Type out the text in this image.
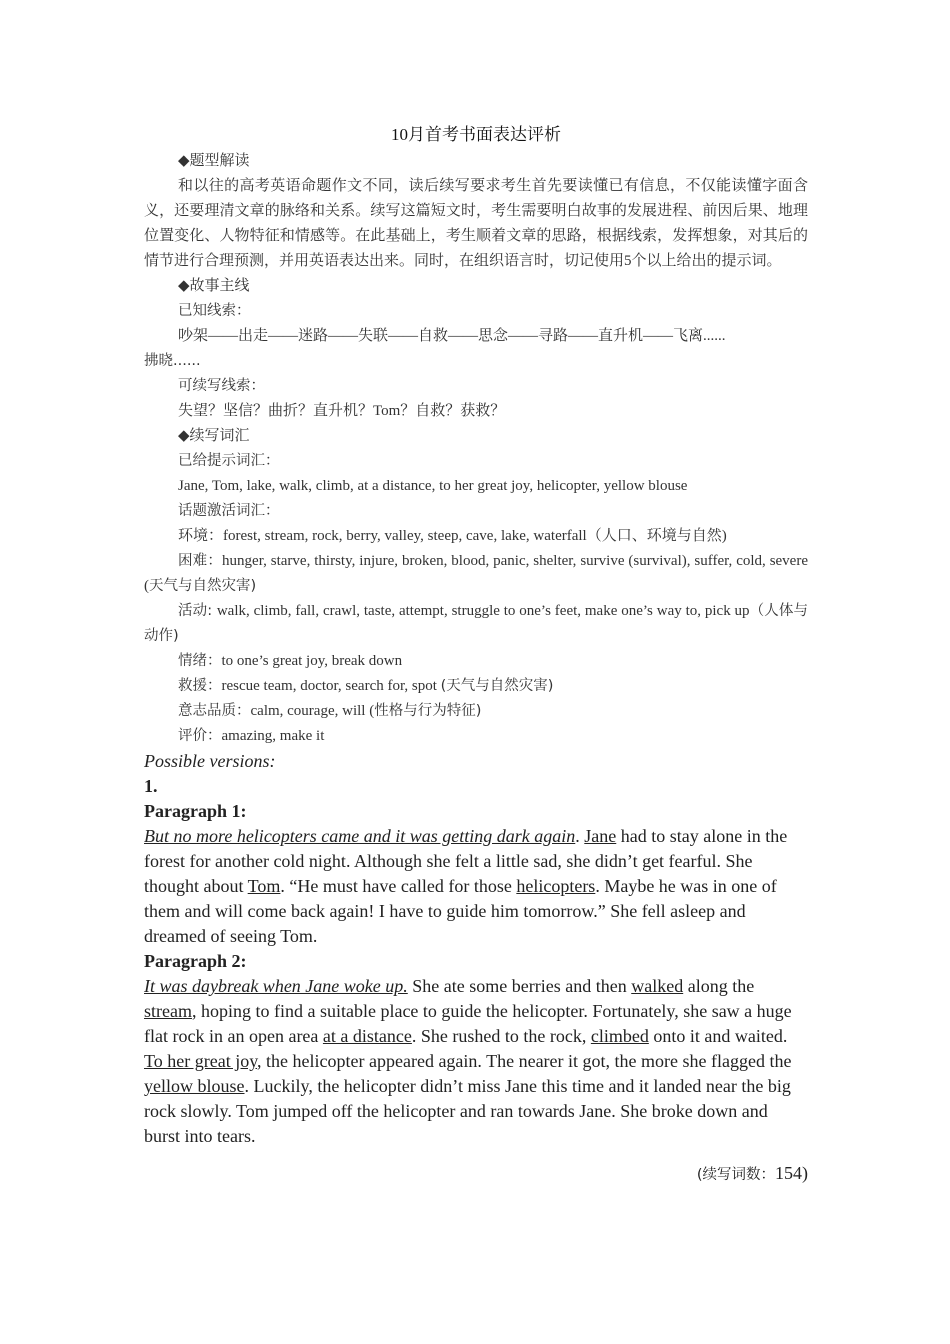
10月首考书面表达评析
◆题型解读
和以往的高考英语命题作文不同，读后续写要求考生首先要读懂已有信息，不仅能读懂字面含义，还要理清文章的脉络和关系。续写这篇短文时，考生需要明白故事的发展进程、前因后果、地理位置变化、人物特征和情感等。在此基础上，考生顺着文章的思路，根据线索，发挥想象，对其后的情节进行合理预测，并用英语表达出来。同时，在组织语言时，切记使用5个以上给出的提示词。
◆故事主线
已知线索：
吵架——出走——迷路——失联——自救——思念——寻路——直升机——飞离......
拂晓......
可续写线索：
失望？坚信？曲折？直升机？Tom？自救？获救？
◆续写词汇
已给提示词汇：
Jane, Tom, lake, walk, climb, at a distance, to her great joy, helicopter, yellow blouse
话题激活词汇：
环境：forest, stream, rock, berry, valley, steep, cave, lake, waterfall（人口、环境与自然)
困难：hunger, starve, thirsty, injure, broken, blood, panic, shelter, survive (survival), suffer, cold, severe (天气与自然灾害)
活动: walk, climb, fall, crawl, taste, attempt, struggle to one’s feet, make one’s way to, pick up（人体与动作)
情绪：to one’s great joy, break down
救援：rescue team, doctor, search for, spot (天气与自然灾害)
意志品质：calm, courage, will (性格与行为特征)
评价：amazing, make it
Possible versions:
1.
Paragraph 1:
But no more helicopters came and it was getting dark again. Jane had to stay alone in the forest for another cold night. Although she felt a little sad, she didn’t get fearful. She thought about Tom. “He must have called for those helicopters. Maybe he was in one of them and will come back again! I have to guide him tomorrow.” She fell asleep and dreamed of seeing Tom.
Paragraph 2:
It was daybreak when Jane woke up. She ate some berries and then walked along the stream, hoping to find a suitable place to guide the helicopter. Fortunately, she saw a huge flat rock in an open area at a distance. She rushed to the rock, climbed onto it and waited. To her great joy, the helicopter appeared again. The nearer it got, the more she flagged the yellow blouse. Luckily, the helicopter didn’t miss Jane this time and it landed near the big rock slowly. Tom jumped off the helicopter and ran towards Jane. She broke down and burst into tears.
(续写词数：154)
